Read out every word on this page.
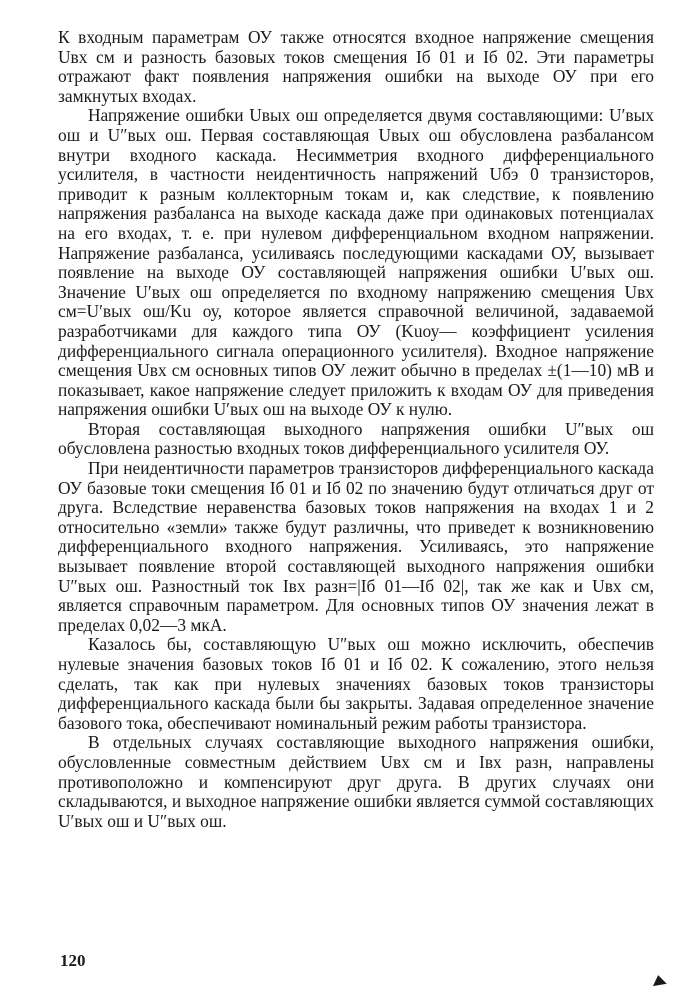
К входным параметрам ОУ также относятся входное напряжение смещения Uвх см и разность базовых токов смещения Iб 01 и Iб 02. Эти параметры отражают факт появления напряжения ошибки на выходе ОУ при его замкнутых входах.

Напряжение ошибки Uвых ош определяется двумя составляющими: U′вых ош и U″вых ош. Первая составляющая Uвых ош обусловлена разбалансом внутри входного каскада. Несимметрия входного дифференциального усилителя, в частности неидентичность напряжений Uбэ 0 транзисторов, приводит к разным коллекторным токам и, как следствие, к появлению напряжения разбаланса на выходе каскада даже при одинаковых потенциалах на его входах, т. е. при нулевом дифференциальном входном напряжении. Напряжение разбаланса, усиливаясь последующими каскадами ОУ, вызывает появление на выходе ОУ составляющей напряжения ошибки U′вых ош. Значение U′вых ош определяется по входному напряжению смещения Uвх см=U′вых ош/Ku оу, которое является справочной величиной, задаваемой разработчиками для каждого типа ОУ (Kuоу— коэффициент усиления дифференциального сигнала операционного усилителя). Входное напряжение смещения Uвх см основных типов ОУ лежит обычно в пределах ±(1—10) мВ и показывает, какое напряжение следует приложить к входам ОУ для приведения напряжения ошибки U′вых ош на выходе ОУ к нулю.

Вторая составляющая выходного напряжения ошибки U″вых ош обусловлена разностью входных токов дифференциального усилителя ОУ.

При неидентичности параметров транзисторов дифференциального каскада ОУ базовые токи смещения Iб 01 и Iб 02 по значению будут отличаться друг от друга. Вследствие неравенства базовых токов напряжения на входах 1 и 2 относительно «земли» также будут различны, что приведет к возникновению дифференциального входного напряжения. Усиливаясь, это напряжение вызывает появление второй составляющей выходного напряжения ошибки U″вых ош. Разностный ток Iвх разн=|Iб 01—Iб 02|, так же как и Uвх см, является справочным параметром. Для основных типов ОУ значения лежат в пределах 0,02—3 мкА.

Казалось бы, составляющую U″вых ош можно исключить, обеспечив нулевые значения базовых токов Iб 01 и Iб 02. К сожалению, этого нельзя сделать, так как при нулевых значениях базовых токов транзисторы дифференциального каскада были бы закрыты. Задавая определенное значение базового тока, обеспечивают номинальный режим работы транзистора.

В отдельных случаях составляющие выходного напряжения ошибки, обусловленные совместным действием Uвх см и Iвх разн, направлены противоположно и компенсируют друг друга. В других случаях они складываются, и выходное напряжение ошибки является суммой составляющих U′вых ош и U″вых ош.

120
